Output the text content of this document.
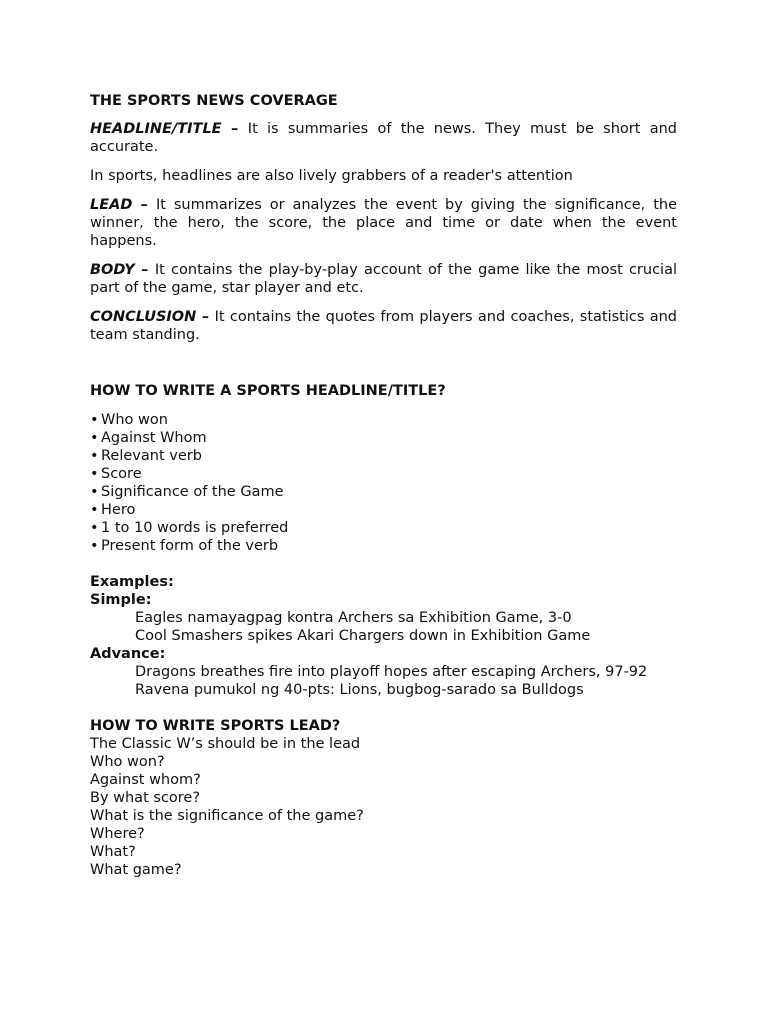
THE SPORTS NEWS COVERAGE
HEADLINE/TITLE – It is summaries of the news. They must be short and accurate.
In sports, headlines are also lively grabbers of a reader's attention
LEAD – It summarizes or analyzes the event by giving the significance, the winner, the hero, the score, the place and time or date when the event happens.
BODY – It contains the play-by-play account of the game like the most crucial part of the game, star player and etc.
CONCLUSION – It contains the quotes from players and coaches, statistics and team standing.
HOW TO WRITE A SPORTS HEADLINE/TITLE?
• Who won
• Against Whom
• Relevant verb
• Score
• Significance of the Game
• Hero
• 1 to 10 words is preferred
• Present form of the verb
Examples:
Simple:
Eagles namayagpag kontra Archers sa Exhibition Game, 3-0
Cool Smashers spikes Akari Chargers down in Exhibition Game
Advance:
Dragons breathes fire into playoff hopes after escaping Archers, 97-92
Ravena pumukol ng 40-pts: Lions, bugbog-sarado sa Bulldogs
HOW TO WRITE SPORTS LEAD?
The Classic W’s should be in the lead
Who won?
Against whom?
By what score?
What is the significance of the game?
Where?
What?
What game?
